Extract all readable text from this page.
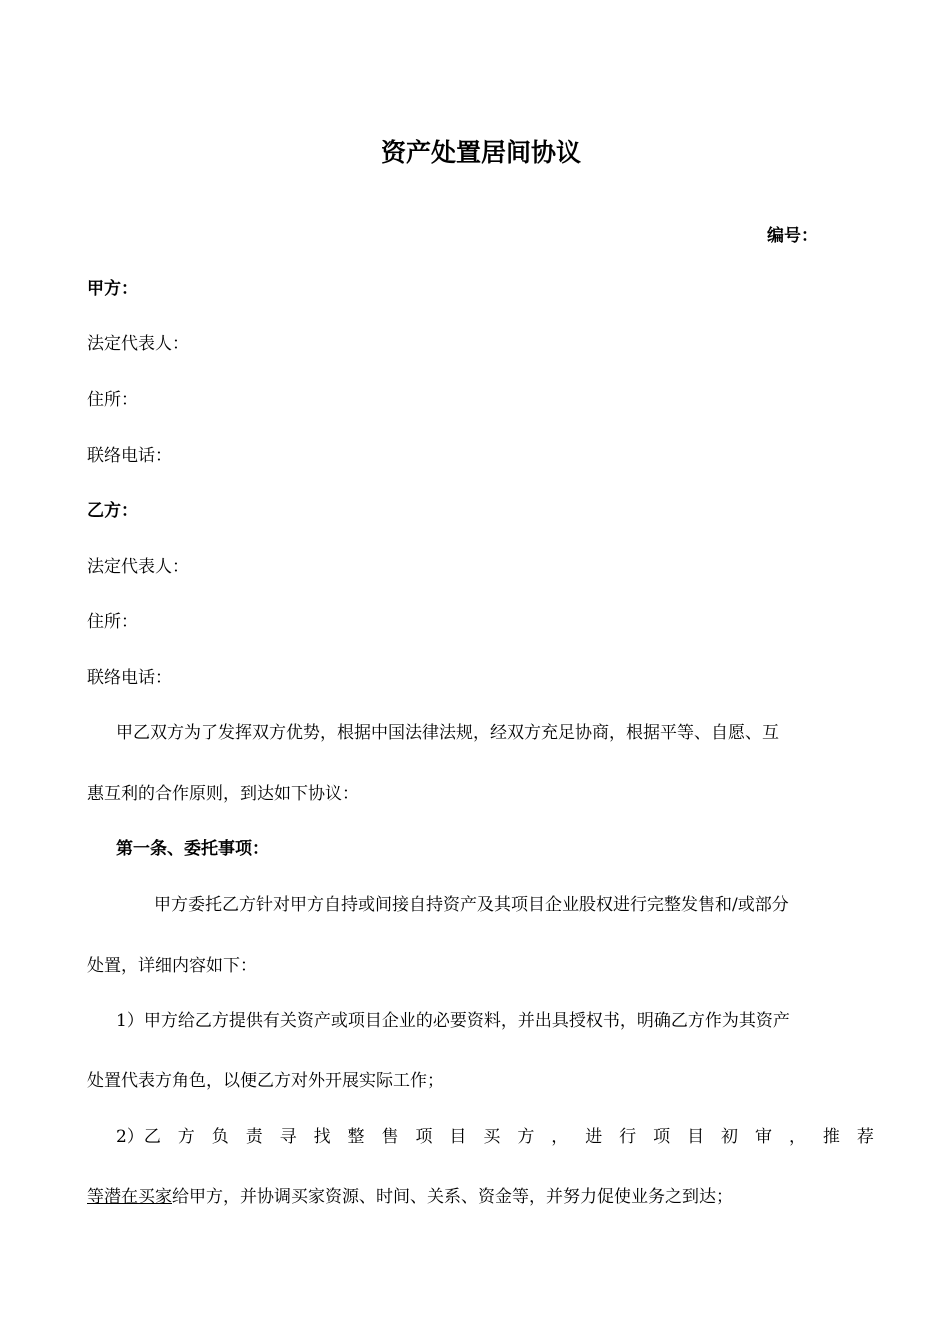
资产处置居间协议
编号：
甲方：
法定代表人：
住所：
联络电话：
乙方：
法定代表人：
住所：
联络电话：
甲乙双方为了发挥双方优势，根据中国法律法规，经双方充足协商，根据平等、自愿、互
惠互利的合作原则，到达如下协议：
第一条、委托事项：
甲方委托乙方针对甲方自持或间接自持资产及其项目企业股权进行完整发售和/或部分
处置，详细内容如下：
1）甲方给乙方提供有关资产或项目企业的必要资料，并出具授权书，明确乙方作为其资产
处置代表方角色，以便乙方对外开展实际工作；
2）乙 方 负 责 寻 找 整 售 项 目 买 方 ， 进 行 项 目 初 审 ， 推 荐
等潜在买家给甲方，并协调买家资源、时间、关系、资金等，并努力促使业务之到达；
